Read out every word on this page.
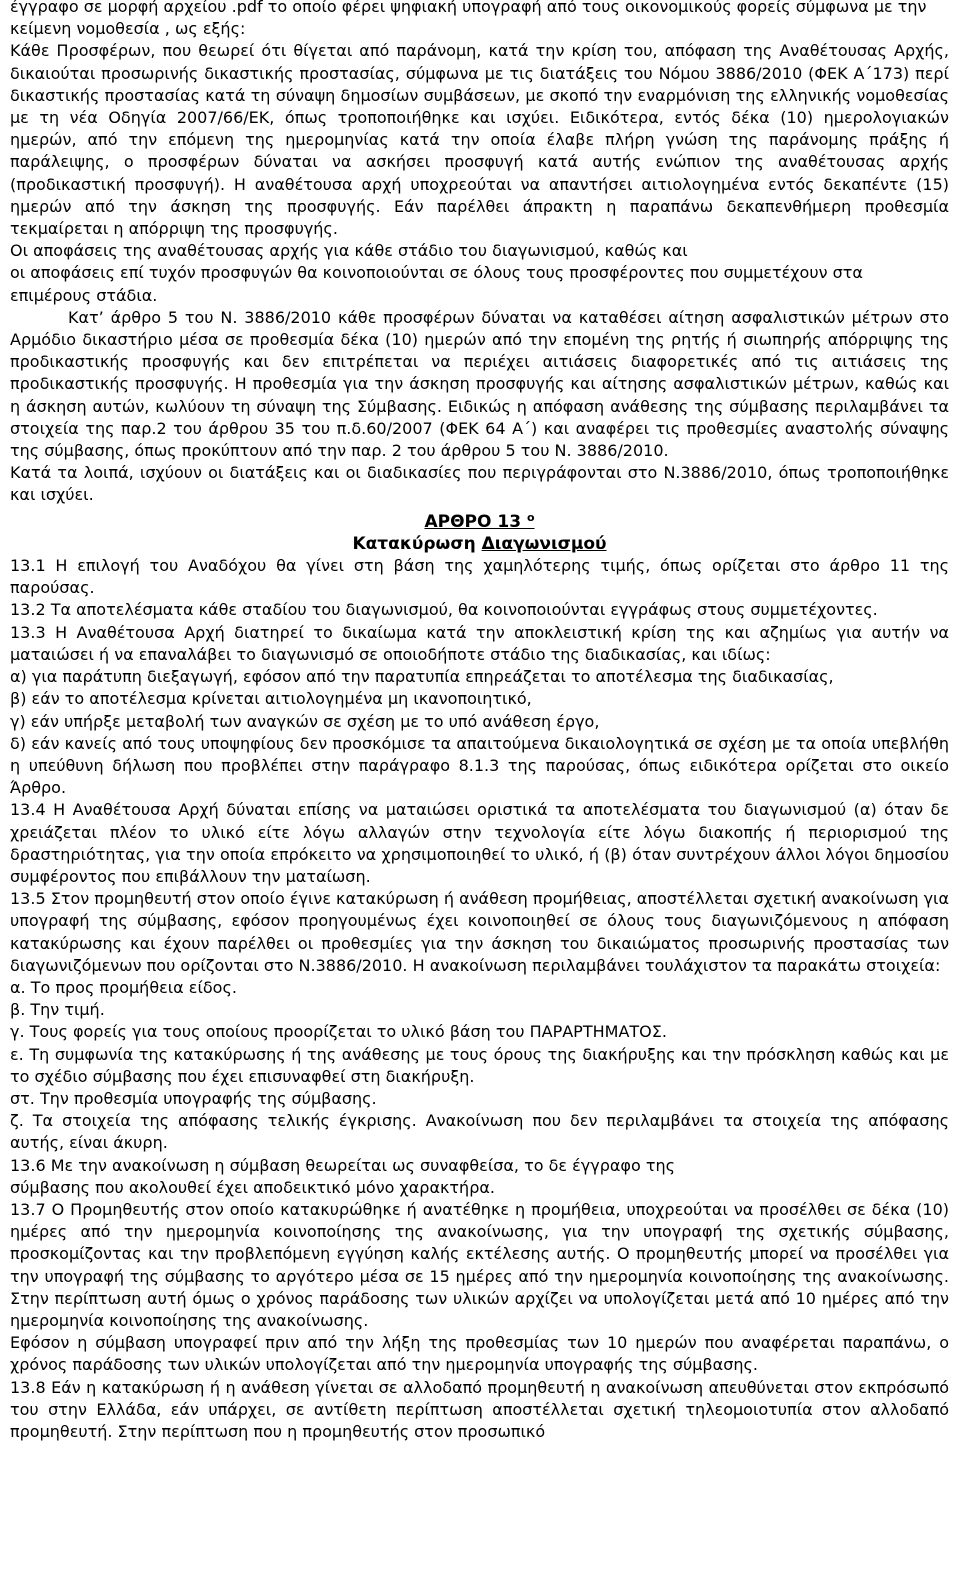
έγγραφο σε μορφή αρχείου .pdf το οποίο φέρει ψηφιακή υπογραφή από τους οικονομικούς φορείς σύμφωνα με την κείμενη νομοθεσία , ως εξής:

Κάθε Προσφέρων, που θεωρεί ότι θίγεται από παράνομη, κατά την κρίση του, απόφαση της Αναθέτουσας Αρχής, δικαιούται προσωρινής δικαστικής προστασίας, σύμφωνα με τις διατάξεις του Νόμου 3886/2010 (ΦΕΚ Α΄173) περί δικαστικής προστασίας κατά τη σύναψη δημοσίων συμβάσεων, με σκοπό την εναρμόνιση της ελληνικής νομοθεσίας με τη νέα Οδηγία 2007/66/ΕΚ, όπως τροποποιήθηκε και ισχύει. Ειδικότερα, εντός δέκα (10) ημερολογιακών ημερών, από την επόμενη της ημερομηνίας κατά την οποία έλαβε πλήρη γνώση της παράνομης πράξης ή παράλειψης, ο προσφέρων δύναται να ασκήσει προσφυγή κατά αυτής ενώπιον της αναθέτουσας αρχής (προδικαστική προσφυγή). Η αναθέτουσα αρχή υποχρεούται να απαντήσει αιτιολογημένα εντός δεκαπέντε (15) ημερών από την άσκηση της προσφυγής. Εάν παρέλθει άπρακτη η παραπάνω δεκαπενθήμερη προθεσμία τεκμαίρεται η απόρριψη της προσφυγής.

Οι αποφάσεις της αναθέτουσας αρχής για κάθε στάδιο του διαγωνισμού, καθώς και

οι αποφάσεις επί τυχόν προσφυγών θα κοινοποιούνται σε όλους τους προσφέροντες που συμμετέχουν στα επιμέρους στάδια.

Κατ’ άρθρο 5 του Ν. 3886/2010 κάθε προσφέρων δύναται να καταθέσει αίτηση ασφαλιστικών μέτρων στο Αρμόδιο δικαστήριο μέσα σε προθεσμία δέκα (10) ημερών από την επομένη της ρητής ή σιωπηρής απόρριψης της προδικαστικής προσφυγής και δεν επιτρέπεται να περιέχει αιτιάσεις διαφορετικές από τις αιτιάσεις της προδικαστικής προσφυγής. Η προθεσμία για την άσκηση προσφυγής και αίτησης ασφαλιστικών μέτρων, καθώς και η άσκηση αυτών, κωλύουν τη σύναψη της Σύμβασης. Ειδικώς η απόφαση ανάθεσης της σύμβασης περιλαμβάνει τα στοιχεία της παρ.2 του άρθρου 35 του π.δ.60/2007 (ΦΕΚ 64 Α΄) και αναφέρει τις προθεσμίες αναστολής σύναψης της σύμβασης, όπως προκύπτουν από την παρ. 2 του άρθρου 5 του Ν. 3886/2010.

Κατά τα λοιπά, ισχύουν οι διατάξεις και οι διαδικασίες που περιγράφονται στο Ν.3886/2010, όπως τροποποιήθηκε και ισχύει.

ΑΡΘΡΟ 13 $^o$

Κατακύρωση Διαγωνισμού

13.1 Η επιλογή του Αναδόχου θα γίνει στη βάση της χαμηλότερης τιμής, όπως ορίζεται στο άρθρο 11 της παρούσας.

13.2 Τα αποτελέσματα κάθε σταδίου του διαγωνισμού, θα κοινοποιούνται εγγράφως στους συμμετέχοντες.

13.3 Η Αναθέτουσα Αρχή διατηρεί το δικαίωμα κατά την αποκλειστική κρίση της και αζημίως για αυτήν να ματαιώσει ή να επαναλάβει το διαγωνισμό σε οποιοδήποτε στάδιο της διαδικασίας, και ιδίως:

α) για παράτυπη διεξαγωγή, εφόσον από την παρατυπία επηρεάζεται το αποτέλεσμα της διαδικασίας,

β) εάν το αποτέλεσμα κρίνεται αιτιολογημένα μη ικανοποιητικό,

γ) εάν υπήρξε μεταβολή των αναγκών σε σχέση με το υπό ανάθεση έργο,

δ) εάν κανείς από τους υποψηφίους δεν προσκόμισε τα απαιτούμενα δικαιολογητικά σε σχέση με τα οποία υπεβλήθη η υπεύθυνη δήλωση που προβλέπει στην παράγραφο 8.1.3 της παρούσας, όπως ειδικότερα ορίζεται στο οικείο Άρθρο.

13.4 Η Αναθέτουσα Αρχή δύναται επίσης να ματαιώσει οριστικά τα αποτελέσματα του διαγωνισμού (α) όταν δε χρειάζεται πλέον το υλικό είτε λόγω αλλαγών στην τεχνολογία είτε λόγω διακοπής ή περιορισμού της δραστηριότητας, για την οποία επρόκειτο να χρησιμοποιηθεί το υλικό, ή (β) όταν συντρέχουν άλλοι λόγοι δημοσίου συμφέροντος που επιβάλλουν την ματαίωση.

13.5 Στον προμηθευτή στον οποίο έγινε κατακύρωση ή ανάθεση προμήθειας, αποστέλλεται σχετική ανακοίνωση για υπογραφή της σύμβασης, εφόσον προηγουμένως έχει κοινοποιηθεί σε όλους τους διαγωνιζόμενους η απόφαση κατακύρωσης και έχουν παρέλθει οι προθεσμίες για την άσκηση του δικαιώματος προσωρινής προστασίας των διαγωνιζόμενων που ορίζονται στο Ν.3886/2010. Η ανακοίνωση περιλαμβάνει τουλάχιστον τα παρακάτω στοιχεία:

α. Το προς προμήθεια είδος.

β. Την τιμή.

γ. Τους φορείς για τους οποίους προορίζεται το υλικό βάση του ΠΑΡΑΡΤΗΜΑΤΟΣ.

ε. Τη συμφωνία της κατακύρωσης ή της ανάθεσης με τους όρους της διακήρυξης και την πρόσκληση καθώς και με το σχέδιο σύμβασης που έχει επισυναφθεί στη διακήρυξη.

στ. Την προθεσμία υπογραφής της σύμβασης.

ζ. Τα στοιχεία της απόφασης τελικής έγκρισης. Ανακοίνωση που δεν περιλαμβάνει τα στοιχεία της απόφασης αυτής, είναι άκυρη.

13.6 Με την ανακοίνωση η σύμβαση θεωρείται ως συναφθείσα, το δε έγγραφο της

σύμβασης που ακολουθεί έχει αποδεικτικό μόνο χαρακτήρα.

13.7 Ο Προμηθευτής στον οποίο κατακυρώθηκε ή ανατέθηκε η προμήθεια, υποχρεούται να προσέλθει σε δέκα (10) ημέρες από την ημερομηνία κοινοποίησης της ανακοίνωσης, για την υπογραφή της σχετικής σύμβασης, προσκομίζοντας και την προβλεπόμενη εγγύηση καλής εκτέλεσης αυτής. Ο προμηθευτής μπορεί να προσέλθει για την υπογραφή της σύμβασης το αργότερο μέσα σε 15 ημέρες από την ημερομηνία κοινοποίησης της ανακοίνωσης. Στην περίπτωση αυτή όμως ο χρόνος παράδοσης των υλικών αρχίζει να υπολογίζεται μετά από 10 ημέρες από την ημερομηνία κοινοποίησης της ανακοίνωσης.

Εφόσον η σύμβαση υπογραφεί πριν από την λήξη της προθεσμίας των 10 ημερών που αναφέρεται παραπάνω, ο χρόνος παράδοσης των υλικών υπολογίζεται από την ημερομηνία υπογραφής της σύμβασης.

13.8 Εάν η κατακύρωση ή η ανάθεση γίνεται σε αλλοδαπό προμηθευτή η ανακοίνωση απευθύνεται στον εκπρόσωπό του στην Ελλάδα, εάν υπάρχει, σε αντίθετη περίπτωση αποστέλλεται σχετική τηλεομοιοτυπία στον αλλοδαπό προμηθευτή. Στην περίπτωση που η προμηθευτής στον προσωπικό
